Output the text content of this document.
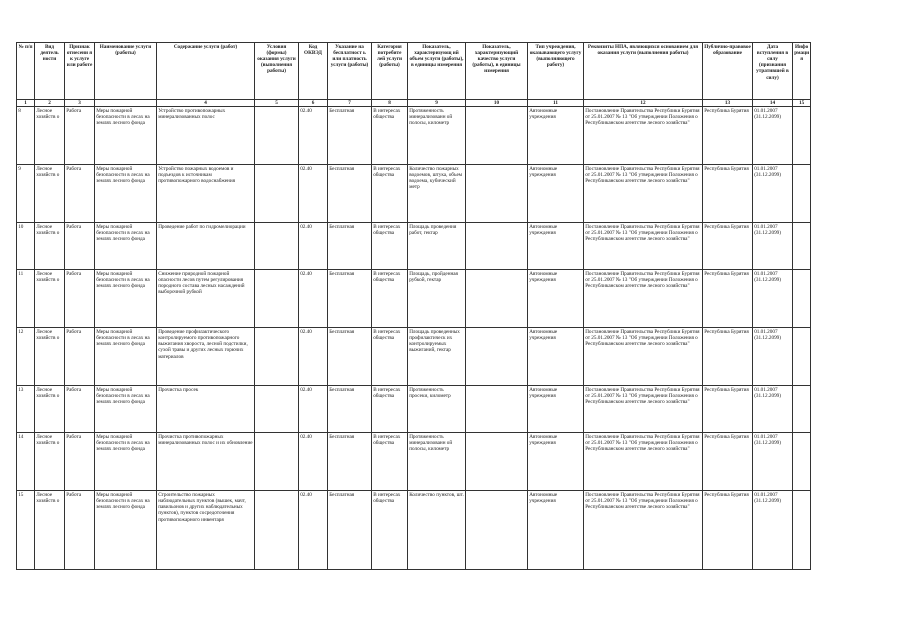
№ п/п	Вид деятель ности	Признак отнесени я к услуге или работе	Наименование услуги (работы)	Содержание услуги (работ)	Условия (формы) оказания услуги (выполнения работы)	Код ОКВЭД	Указание на бесплатност ь или платность услуги (работы)	Категория потребите лей услуги (работы)	Показатель, характеризующ ий объем услуги (работы), в единицы измерения	Показатель, характеризующий качество услуги (работы), в единицы измерения	Тип учреждения, оказывающего услугу (выполняющего работу)	Реквизиты НПА, являющихся основанием для оказания услуги (выполнения работы)	Публично-правовое образование	Дата вступления в силу (признания утратившей в силу)	Инфо рмаци я
1	2	3		4	5	6	7	8	9	10	11	12	13	14	15
8	Лесное хозяйств о	Работа	Меры пожарной безопасности в лесах на землях лесного фонда	Устройство противопожарных минерализованных полос		02.40	Бесплатная	В интересах общества	Протяженность минерализованн ой полосы, километр		Автономные учреждения	Постановление Правительства Республики Бурятия от 25.01.2007 № 13 "Об утверждении Положения о Республиканском агентстве лесного хозяйства"	Республика Бурятия	01.01.2007 (31.12.2099)	
9	Лесное хозяйств о	Работа	Меры пожарной безопасности в лесах на землях лесного фонда	Устройство пожарных водоемов и подъездов к источникам противопожарного водоснабжения		02.40	Бесплатная	В интересах общества	Количество пожарных водоемов, штука, объем водоема, кубический метр		Автономные учреждения	Постановление Правительства Республики Бурятия от 25.01.2007 № 13 "Об утверждении Положения о Республиканском агентстве лесного хозяйства"	Республика Бурятия	01.01.2007 (31.12.2099)	
10	Лесное хозяйств о	Работа	Меры пожарной безопасности в лесах на землях лесного фонда	Проведение работ по гидромелиорации		02.40	Бесплатная	В интересах общества	Площадь проведения работ, гектар		Автономные учреждения	Постановление Правительства Республики Бурятия от 25.01.2007 № 13 "Об утверждении Положения о Республиканском агентстве лесного хозяйства"	Республика Бурятия	01.01.2007 (31.12.2099)	
11	Лесное хозяйств о	Работа	Меры пожарной безопасности в лесах на землях лесного фонда	Снижение природной пожарной опасности лесов путем регулирования породного состава лесных насаждений выборочной рубкой		02.40	Бесплатная	В интересах общества	Площадь, пройденная рубкой, гектар		Автономные учреждения	Постановление Правительства Республики Бурятия от 25.01.2007 № 13 "Об утверждении Положения о Республиканском агентстве лесного хозяйства"	Республика Бурятия	01.01.2007 (31.12.2099)	
12	Лесное хозяйств о	Работа	Меры пожарной безопасности в лесах на землях лесного фонда	Проведение профилактического контролируемого противопожарного выжигания хвороста, лесной подстилки, сухой травы и других лесных горючих материалов		02.40	Бесплатная	В интересах общества	Площадь проведенных профилактическ их контролируемых выжиганий, гектар		Автономные учреждения	Постановление Правительства Республики Бурятия от 25.01.2007 № 13 "Об утверждении Положения о Республиканском агентстве лесного хозяйства"	Республика Бурятия	01.01.2007 (31.12.2099)	
13	Лесное хозяйств о	Работа	Меры пожарной безопасности в лесах на землях лесного фонда	Прочистка просек		02.40	Бесплатная	В интересах общества	Протяженность просеки, километр		Автономные учреждения	Постановление Правительства Республики Бурятия от 25.01.2007 № 13 "Об утверждении Положения о Республиканском агентстве лесного хозяйства"	Республика Бурятия	01.01.2007 (31.12.2099)	
14	Лесное хозяйств о	Работа	Меры пожарной безопасности в лесах на землях лесного фонда	Прочистка противопожарных минерализованных полос и их обновление		02.40	Бесплатная	В интересах общества	Протяженность минерализованн ой полосы, километр		Автономные учреждения	Постановление Правительства Республики Бурятия от 25.01.2007 № 13 "Об утверждении Положения о Республиканском агентстве лесного хозяйства"	Республика Бурятия	01.01.2007 (31.12.2099)	
15	Лесное хозяйств о	Работа	Меры пожарной безопасности в лесах на землях лесного фонда	Строительство пожарных наблюдательных пунктов (вышек, мачт, павильонов и других наблюдательных пунктов), пунктов сосредоточения противопожарного инвентаря		02.40	Бесплатная	В интересах общества	Количество пунктов, шт.		Автономные учреждения	Постановление Правительства Республики Бурятия от 25.01.2007 № 13 "Об утверждении Положения о Республиканском агентстве лесного хозяйства"	Республика Бурятия	01.01.2007 (31.12.2099)	
